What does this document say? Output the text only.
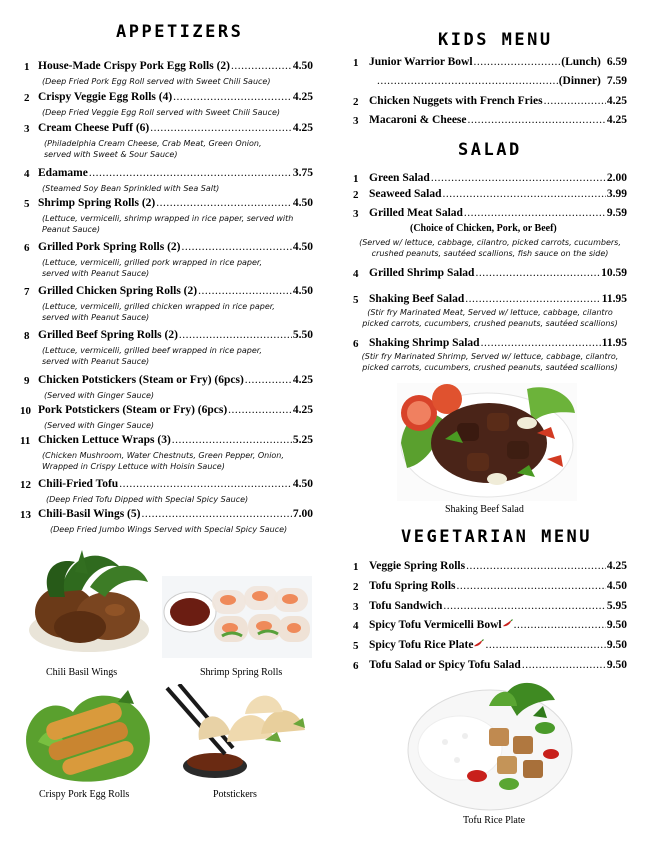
APPETIZERS
1 House-Made Crispy Pork Egg Rolls (2) .....	4.50
(Deep Fried Pork Egg Roll served with Sweet Chili Sauce)
2 Crispy Veggie Egg Rolls (4) .....	4.25
(Deep Fried Veggie Egg Roll served with Sweet Chili Sauce)
3 Cream Cheese Puff (6) .....	4.25
(Philadelphia Cream Cheese, Crab Meat, Green Onion,
served with Sweet & Sour Sauce)
4 Edamame .....	3.75
(Steamed Soy Bean Sprinkled with Sea Salt)
5 Shrimp Spring Rolls (2) .....	4.50
(Lettuce, vermicelli, shrimp wrapped in rice paper, served with
Peanut Sauce)
6 Grilled Pork Spring Rolls (2) .....	4.50
(Lettuce, vermicelli, grilled pork wrapped in rice paper,
served with Peanut Sauce)
7 Grilled Chicken Spring Rolls (2) .....	4.50
(Lettuce, vermicelli, grilled chicken wrapped in rice paper,
served with Peanut Sauce)
8 Grilled Beef Spring Rolls (2) .....	5.50
(Lettuce, vermicelli, grilled beef wrapped in rice paper,
served with Peanut Sauce)
9 Chicken Potstickers (Steam or Fry) (6pcs) .....	4.25
(Served with Ginger Sauce)
10 Pork Potstickers (Steam or Fry) (6pcs) .....	4.25
(Served with Ginger Sauce)
11 Chicken Lettuce Wraps (3) .....	5.25
(Chicken Mushroom, Water Chestnuts, Green Pepper, Onion,
Wrapped in Crispy Lettuce with Hoisin Sauce)
12 Chili-Fried Tofu .....	4.50
(Deep Fried Tofu Dipped with Special Spicy Sauce)
13 Chili-Basil Wings (5) .....	7.00
(Deep Fried Jumbo Wings Served with Special Spicy Sauce)
Chili Basil Wings	Shrimp Spring Rolls
Crispy Pork Egg Rolls	Potstickers
KIDS MENU
1 Junior Warrior Bowl .....	(Lunch) 6.59
.....
(Dinner) 7.59
2 Chicken Nuggets with French Fries .....	4.25
3 Macaroni & Cheese .....	4.25
SALAD
1 Green Salad .....	2.00
2 Seaweed Salad .....	3.99
3 Grilled Meat Salad .....	9.59
4 Grilled Shrimp Salad .....	10.59
5 Shaking Beef Salad .....	11.95
6 Shaking Shrimp Salad .....	11.95
(Choice of Chicken, Pork, or Beef)
(Served w/ lettuce, cabbage, cilantro, picked carrots, cucumbers,
crushed peanuts, sautéed scallions, fish sauce on the side)
(Stir fry Marinated Meat, Served w/ lettuce, cabbage, cilantro
picked carrots, cucumbers, crushed peanuts, sautéed scallions)
(Stir fry Marinated Shrimp, Served w/ lettuce, cabbage, cilantro,
picked carrots, cucumbers, crushed peanuts, sautéed scallions)
Shaking Beef Salad
VEGETARIAN MENU
1 Veggie Spring Rolls .....	4.25
2 Tofu Spring Rolls .....	4.50
3 Tofu Sandwich .....	5.95
4 Spicy Tofu Vermicelli Bowl .....	9.50
5 Spicy Tofu Rice Plate .....	9.50
6 Tofu Salad or Spicy Tofu Salad .....	9.50
Tofu Rice Plate
